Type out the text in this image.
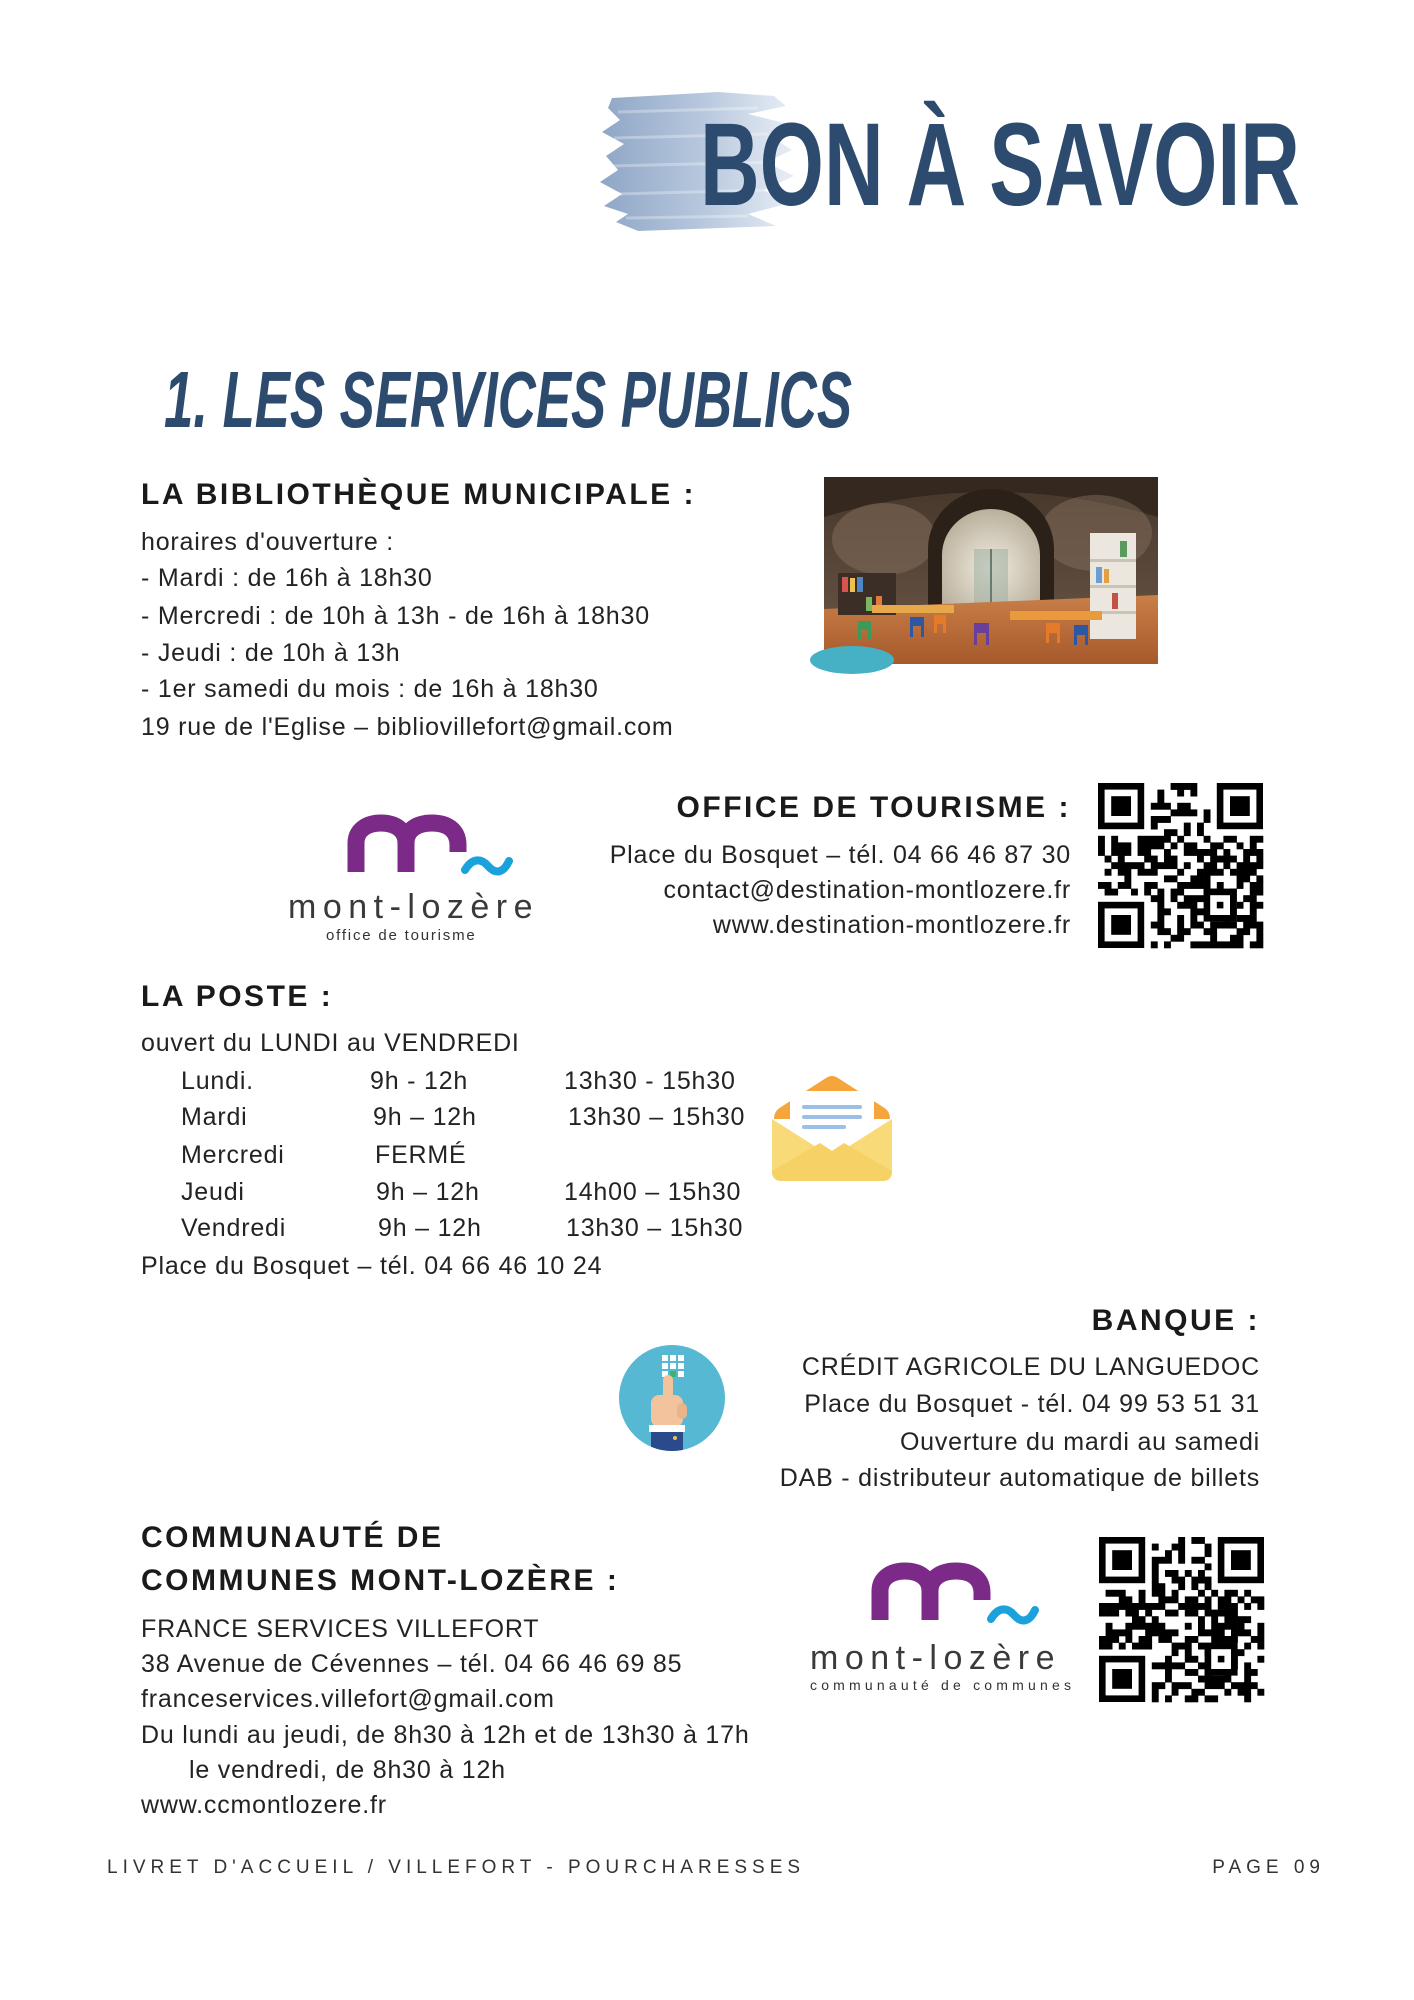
BON À SAVOIR
1. LES SERVICES PUBLICS
LA BIBLIOTHÈQUE MUNICIPALE :
horaires d'ouverture :
- Mardi : de 16h à 18h30
- Mercredi : de 10h à 13h - de 16h à 18h30
- Jeudi : de 10h à 13h
- 1er samedi du mois : de 16h à 18h30
19 rue de l'Eglise – bibliovillefort@gmail.com
mont-lozère
office de tourisme
OFFICE DE TOURISME :
Place du Bosquet – tél. 04 66 46 87 30
contact@destination-montlozere.fr
www.destination-montlozere.fr
LA POSTE :
ouvert du LUNDI au VENDREDI
Lundi.	9h - 12h	13h30 - 15h30
Mardi	9h – 12h	13h30 – 15h30
Mercredi	FERMÉ
Jeudi	9h – 12h	14h00 – 15h30
Vendredi	9h – 12h	13h30 – 15h30
Place du Bosquet – tél. 04 66 46 10 24
BANQUE :
CRÉDIT AGRICOLE DU LANGUEDOC
Place du Bosquet - tél. 04 99 53 51 31
Ouverture du mardi au samedi
DAB - distributeur automatique de billets
COMMUNAUTÉ DE
COMMUNES MONT-LOZÈRE :
FRANCE SERVICES VILLEFORT
38 Avenue de Cévennes – tél. 04 66 46 69 85
franceservices.villefort@gmail.com
Du lundi au jeudi, de 8h30 à 12h et de 13h30 à 17h
le vendredi, de 8h30 à 12h
www.ccmontlozere.fr
mont-lozère
communauté de communes
LIVRET D'ACCUEIL / VILLEFORT - POURCHARESSES	PAGE 09
